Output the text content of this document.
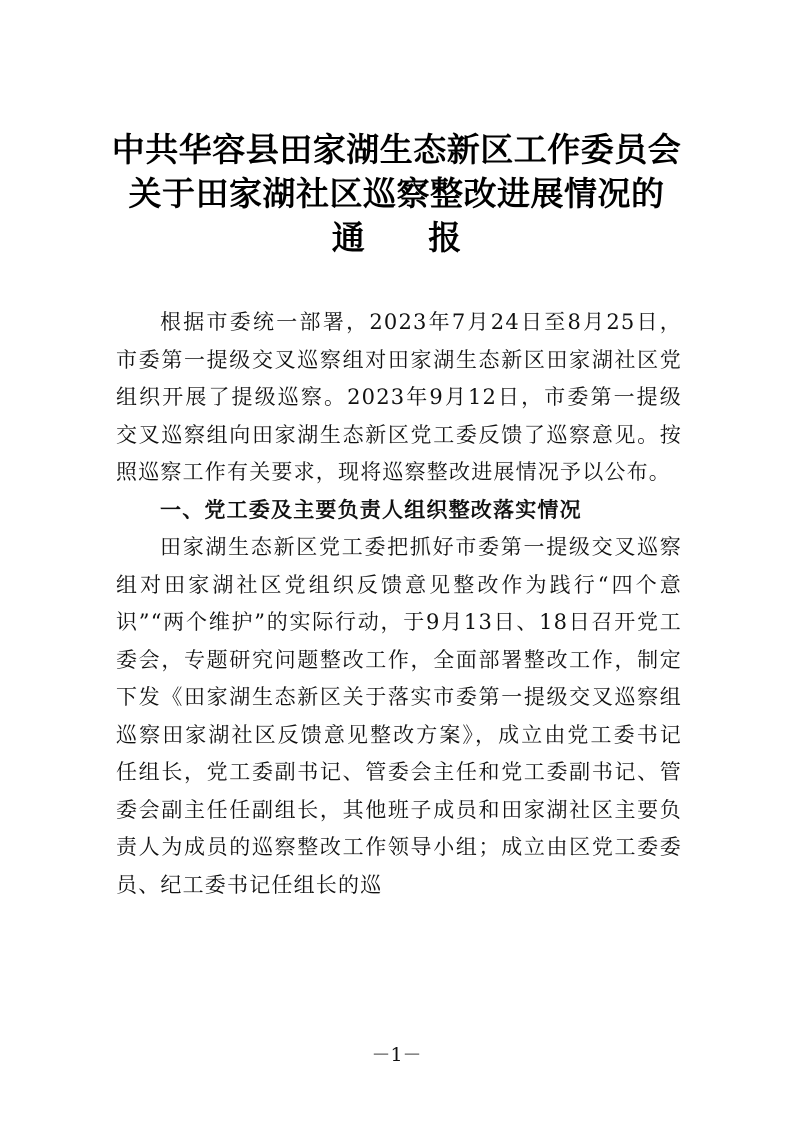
中共华容县田家湖生态新区工作委员会
关于田家湖社区巡察整改进展情况的
通 报

根据市委统一部署，2023年7月24日至8月25日，市委第一提级交叉巡察组对田家湖生态新区田家湖社区党组织开展了提级巡察。2023年9月12日，市委第一提级交叉巡察组向田家湖生态新区党工委反馈了巡察意见。按照巡察工作有关要求，现将巡察整改进展情况予以公布。

一、党工委及主要负责人组织整改落实情况

田家湖生态新区党工委把抓好市委第一提级交叉巡察组对田家湖社区党组织反馈意见整改作为践行“四个意识”“两个维护”的实际行动，于9月13日、18日召开党工委会，专题研究问题整改工作，全面部署整改工作，制定下发《田家湖生态新区关于落实市委第一提级交叉巡察组巡察田家湖社区反馈意见整改方案》，成立由党工委书记任组长，党工委副书记、管委会主任和党工委副书记、管委会副主任任副组长，其他班子成员和田家湖社区主要负责人为成员的巡察整改工作领导小组；成立由区党工委委员、纪工委书记任组长的巡

－1－
